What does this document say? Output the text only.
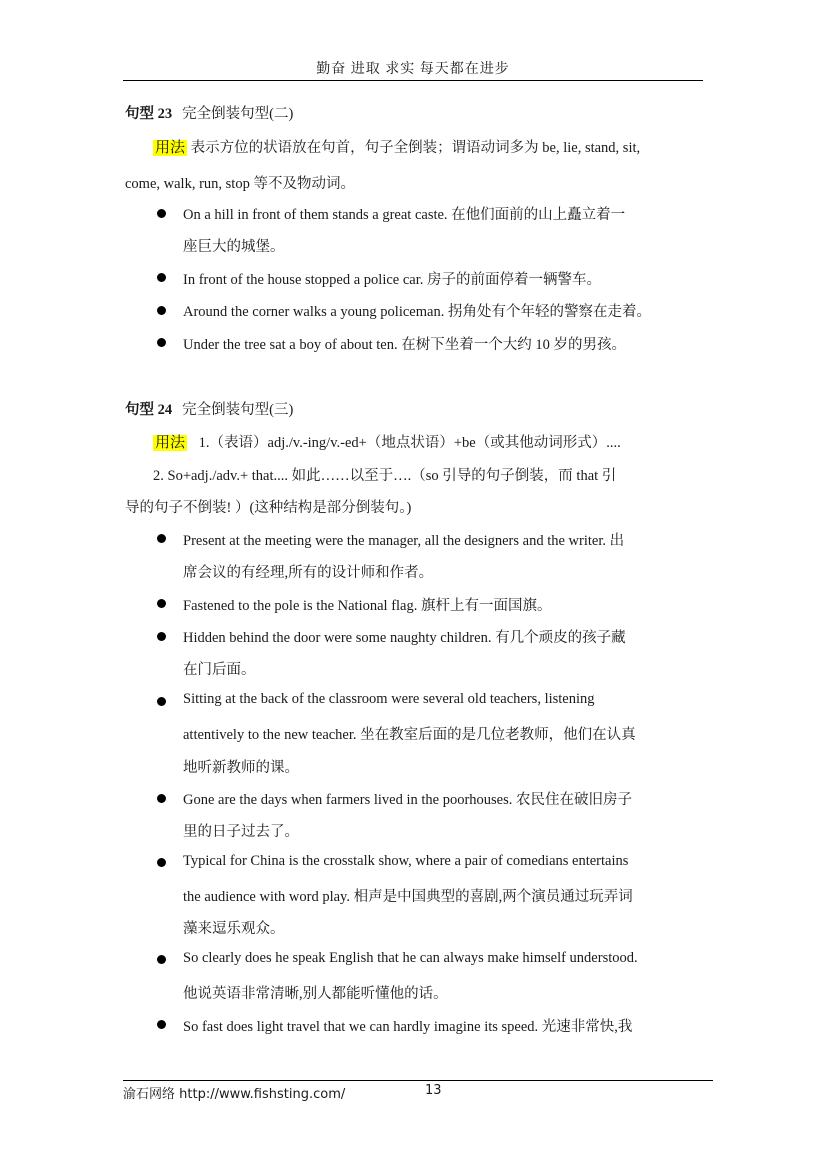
勤奋 进取 求实 每天都在进步
句型 23 完全倒装句型(二)
用法 表示方位的状语放在句首，句子全倒装；谓语动词多为 be, lie, stand, sit,
come, walk, run, stop 等不及物动词。
On a hill in front of them stands a great caste. 在他们面前的山上矗立着一
座巨大的城堡。
In front of the house stopped a police car. 房子的前面停着一辆警车。
Around the corner walks a young policeman. 拐角处有个年轻的警察在走着。
Under the tree sat a boy of about ten. 在树下坐着一个大约 10 岁的男孩。
句型 24 完全倒装句型(三)
用法 1.（表语）adj./v.-ing/v.-ed+（地点状语）+be（或其他动词形式）....
2. So+adj./adv.+ that.... 如此……以至于….（so 引导的句子倒装，而 that 引
导的句子不倒装! ）(这种结构是部分倒装句。)
Present at the meeting were the manager, all the designers and the writer. 出
席会议的有经理,所有的设计师和作者。
Fastened to the pole is the National flag. 旗杆上有一面国旗。
Hidden behind the door were some naughty children. 有几个顽皮的孩子藏
在门后面。
Sitting at the back of the classroom were several old teachers, listening
attentively to the new teacher. 坐在教室后面的是几位老教师，他们在认真
地听新教师的课。
Gone are the days when farmers lived in the poorhouses. 农民住在破旧房子
里的日子过去了。
Typical for China is the crosstalk show, where a pair of comedians entertains
the audience with word play. 相声是中国典型的喜剧,两个演员通过玩弄词
藻来逗乐观众。
So clearly does he speak English that he can always make himself understood.
他说英语非常清晰,别人都能听懂他的话。
So fast does light travel that we can hardly imagine its speed. 光速非常快,我
渝石网络 http://www.fishsting.com/	13
